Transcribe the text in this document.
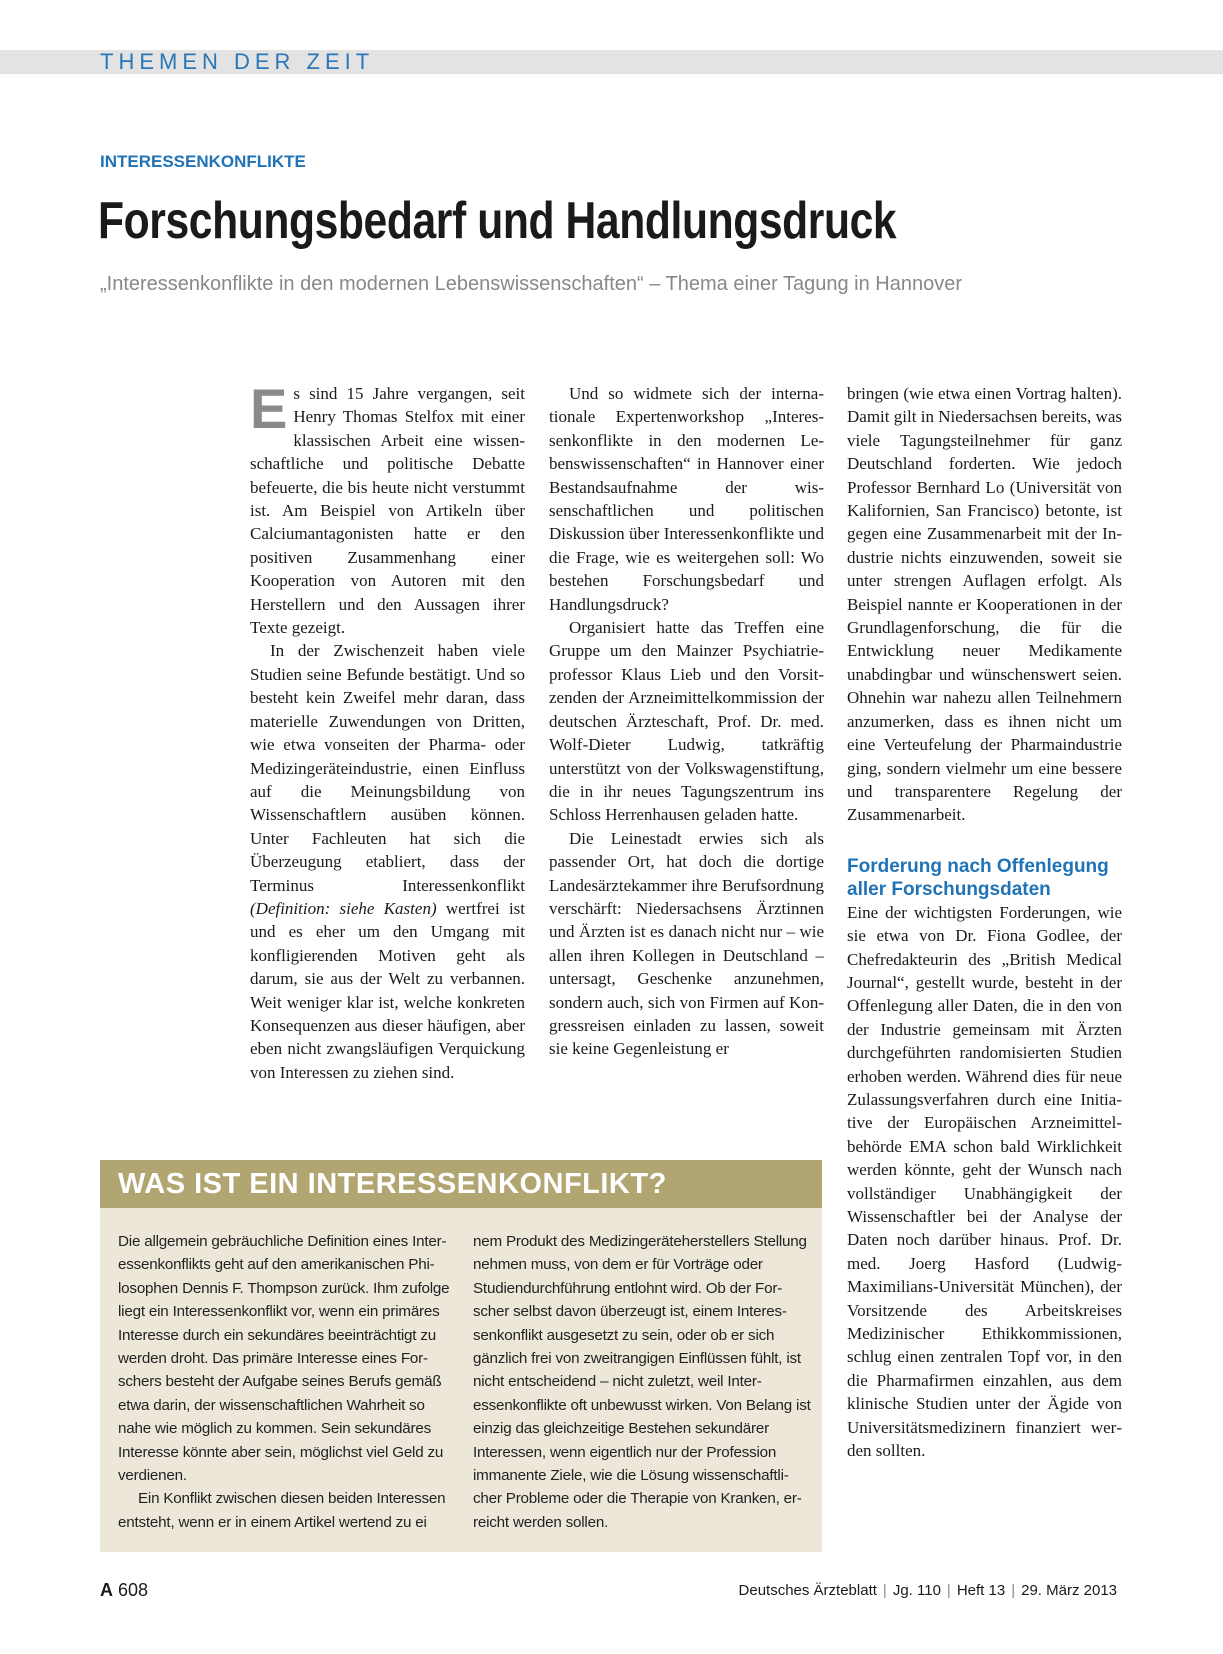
THEMEN DER ZEIT
INTERESSENKONFLIKTE
Forschungsbedarf und Handlungsdruck
„Interessenkonflikte in den modernen Lebenswissenschaften“ – Thema einer Tagung in Hannover

Es sind 15 Jahre vergangen, seit Henry Thomas Stelfox mit einer klassischen Arbeit eine wissenschaftliche und politische Debatte befeuerte, die bis heute nicht verstummt ist. Am Beispiel von Artikeln über Calciumantagonisten hatte er den positiven Zusammenhang einer Kooperation von Autoren mit den Herstellern und den Aussagen ihrer Texte gezeigt.

In der Zwischenzeit haben viele Studien seine Befunde bestätigt. Und so besteht kein Zweifel mehr daran, dass materielle Zuwendungen von Dritten, wie etwa vonseiten der Pharma- oder Medizingeräteindustrie, einen Einfluss auf die Meinungsbildung von Wissenschaftlern ausüben können. Unter Fachleuten hat sich die Überzeugung etabliert, dass der Terminus Interessenkonflikt (Definition: siehe Kasten) wertfrei ist und es eher um den Umgang mit konfligierenden Motiven geht als darum, sie aus der Welt zu verbannen. Weit weniger klar ist, welche konkreten Konsequenzen aus dieser häufigen, aber eben nicht zwangsläufigen Verquickung von Interessen zu ziehen sind.

Und so widmete sich der internationale Expertenworkshop „Interessenkonflikte in den modernen Lebenswissenschaften“ in Hannover einer Bestandsaufnahme der wissenschaftlichen und politischen Diskussion über Interessenkonflikte und die Frage, wie es weitergehen soll: Wo bestehen Forschungsbedarf und Handlungsdruck?

Organisiert hatte das Treffen eine Gruppe um den Mainzer Psychiatrieprofessor Klaus Lieb und den Vorsitzenden der Arzneimittelkommission der deutschen Ärzteschaft, Prof. Dr. med. Wolf-Dieter Ludwig, tatkräftig unterstützt von der Volkswagenstiftung, die in ihr neues Tagungszentrum ins Schloss Herrenhausen geladen hatte.

Die Leinestadt erwies sich als passender Ort, hat doch die dortige Landesärztekammer ihre Berufsordnung verschärft: Niedersachsens Ärztinnen und Ärzten ist es danach nicht nur – wie allen ihren Kollegen in Deutschland – untersagt, Geschenke anzunehmen, sondern auch, sich von Firmen auf Kongressreisen einladen zu lassen, soweit sie keine Gegenleistung er

bringen (wie etwa einen Vortrag halten). Damit gilt in Niedersachsen bereits, was viele Tagungsteilnehmer für ganz Deutschland forderten. Wie jedoch Professor Bernhard Lo (Universität von Kalifornien, San Francisco) betonte, ist gegen eine Zusammenarbeit mit der Industrie nichts einzuwenden, soweit sie unter strengen Auflagen erfolgt. Als Beispiel nannte er Kooperationen in der Grundlagenforschung, die für die Entwicklung neuer Medikamente unabdingbar und wünschenswert seien. Ohnehin war nahezu allen Teilnehmern anzumerken, dass es ihnen nicht um eine Verteufelung der Pharmaindustrie ging, sondern vielmehr um eine bessere und transparentere Regelung der Zusammenarbeit.

Forderung nach Offenlegung aller Forschungsdaten

Eine der wichtigsten Forderungen, wie sie etwa von Dr. Fiona Godlee, der Chefredakteurin des „British Medical Journal“, gestellt wurde, besteht in der Offenlegung aller Daten, die in den von der Industrie gemeinsam mit Ärzten durchgeführten randomisierten Studien erhoben werden. Während dies für neue Zulassungsverfahren durch eine Initiative der Europäischen Arzneimittelbehörde EMA schon bald Wirklichkeit werden könnte, geht der Wunsch nach vollständiger Unabhängigkeit der Wissenschaftler bei der Analyse der Daten noch darüber hinaus. Prof. Dr. med. Joerg Hasford (Ludwig-Maximilians-Universität München), der Vorsitzende des Arbeitskreises Medizinischer Ethikkommissionen, schlug einen zentralen Topf vor, in den die Pharmafirmen einzahlen, aus dem klinische Studien unter der Ägide von Universitätsmedizinern finanziert werden sollten.

WAS IST EIN INTERESSENKONFLIKT?

Die allgemein gebräuchliche Definition eines Interessenkonflikts geht auf den amerikanischen Philosophen Dennis F. Thompson zurück. Ihm zufolge liegt ein Interessenkonflikt vor, wenn ein primäres Interesse durch ein sekundäres beeinträchtigt zu werden droht. Das primäre Interesse eines Forschers besteht der Aufgabe seines Berufs gemäß etwa darin, der wissenschaftlichen Wahrheit so nahe wie möglich zu kommen. Sein sekundäres Interesse könnte aber sein, möglichst viel Geld zu verdienen.

Ein Konflikt zwischen diesen beiden Interessen entsteht, wenn er in einem Artikel wertend zu ei

nem Produkt des Medizingeräteherstellers Stellung nehmen muss, von dem er für Vorträge oder Studiendurchführung entlohnt wird. Ob der Forscher selbst davon überzeugt ist, einem Interessenkonflikt ausgesetzt zu sein, oder ob er sich gänzlich frei von zweitrangigen Einflüssen fühlt, ist nicht entscheidend – nicht zuletzt, weil Interessenkonflikte oft unbewusst wirken. Von Belang ist einzig das gleichzeitige Bestehen sekundärer Interessen, wenn eigentlich nur der Profession immanente Ziele, wie die Lösung wissenschaftlicher Probleme oder die Therapie von Kranken, erreicht werden sollen.

A 608	Deutsches Ärzteblatt | Jg. 110 | Heft 13 | 29. März 2013
